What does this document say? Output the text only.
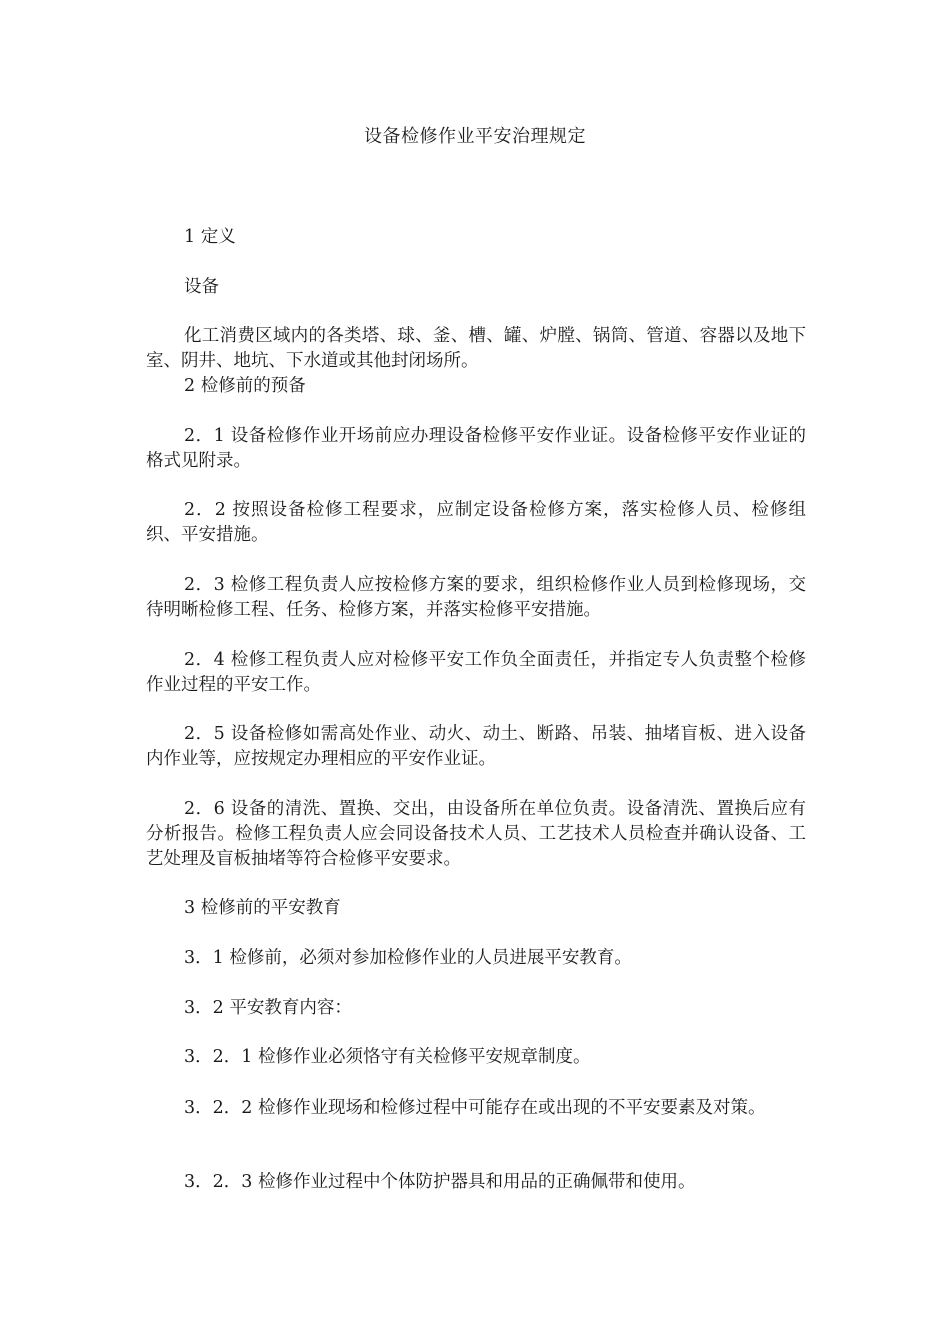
设备检修作业平安治理规定

1 定义

设备

化工消费区域内的各类塔、球、釜、槽、罐、炉膛、锅筒、管道、容器以及地下室、阴井、地坑、下水道或其他封闭场所。

2 检修前的预备

2．1 设备检修作业开场前应办理设备检修平安作业证。设备检修平安作业证的格式见附录。

2．2 按照设备检修工程要求，应制定设备检修方案，落实检修人员、检修组织、平安措施。

2．3 检修工程负责人应按检修方案的要求，组织检修作业人员到检修现场，交待明晰检修工程、任务、检修方案，并落实检修平安措施。

2．4 检修工程负责人应对检修平安工作负全面责任，并指定专人负责整个检修作业过程的平安工作。

2．5 设备检修如需高处作业、动火、动土、断路、吊装、抽堵盲板、进入设备内作业等，应按规定办理相应的平安作业证。

2．6 设备的清洗、置换、交出，由设备所在单位负责。设备清洗、置换后应有分析报告。检修工程负责人应会同设备技术人员、工艺技术人员检查并确认设备、工艺处理及盲板抽堵等符合检修平安要求。

3 检修前的平安教育

3．1 检修前，必须对参加检修作业的人员进展平安教育。

3．2 平安教育内容：

3．2．1 检修作业必须恪守有关检修平安规章制度。

3．2．2 检修作业现场和检修过程中可能存在或出现的不平安要素及对策。

3．2．3 检修作业过程中个体防护器具和用品的正确佩带和使用。
